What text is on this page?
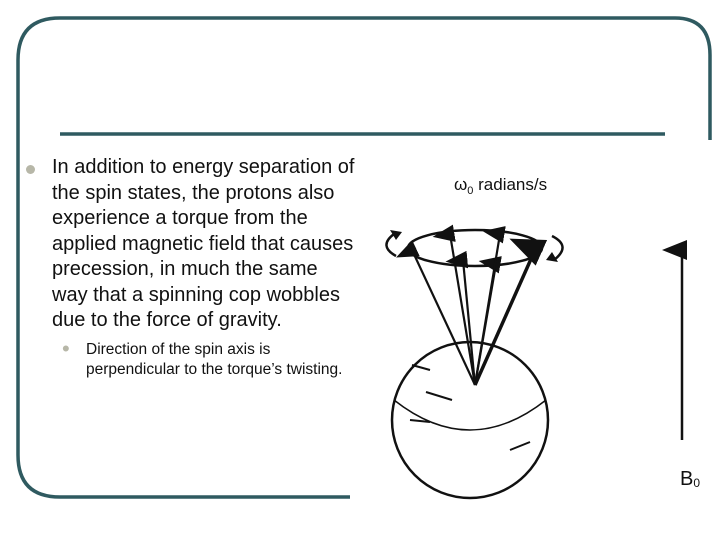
In addition to energy separation of the spin states, the protons also experience a torque from the applied magnetic field that causes precession, in much the same way that a spinning cop wobbles due to the force of gravity.
• Direction of the spin axis is perpendicular to the torque’s twisting.
$\omega_0$ radians/s
B0
